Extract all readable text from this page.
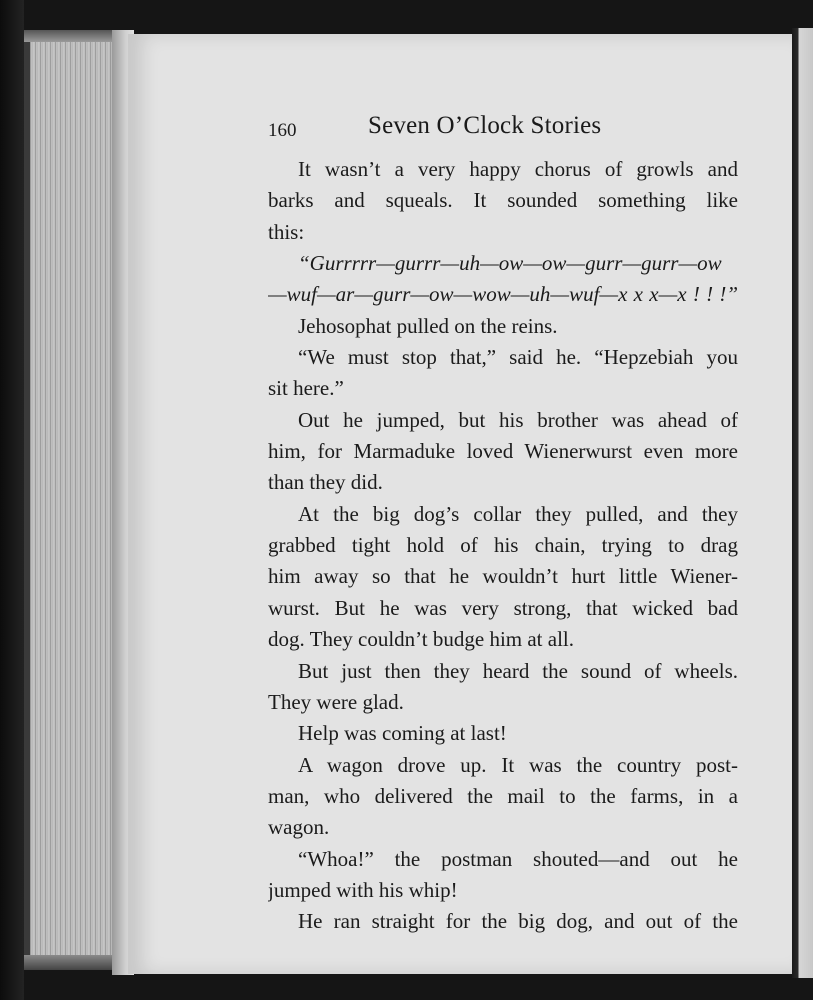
160	Seven O’Clock Stories
It wasn’t a very happy chorus of growls and
barks and squeals. It sounded something like
this:
“Gurrrrr—gurrr—uh—ow—ow—gurr—gurr—ow
—wuf—ar—gurr—ow—wow—uh—wuf—x x x—x ! ! !”
Jehosophat pulled on the reins.
“We must stop that,” said he. “Hepzebiah you
sit here.”
Out he jumped, but his brother was ahead of
him, for Marmaduke loved Wienerwurst even more
than they did.
At the big dog’s collar they pulled, and they
grabbed tight hold of his chain, trying to drag
him away so that he wouldn’t hurt little Wiener-
wurst. But he was very strong, that wicked bad
dog. They couldn’t budge him at all.
But just then they heard the sound of wheels.
They were glad.
Help was coming at last!
A wagon drove up. It was the country post-
man, who delivered the mail to the farms, in a
wagon.
“Whoa!” the postman shouted—and out he
jumped with his whip!
He ran straight for the big dog, and out of the
